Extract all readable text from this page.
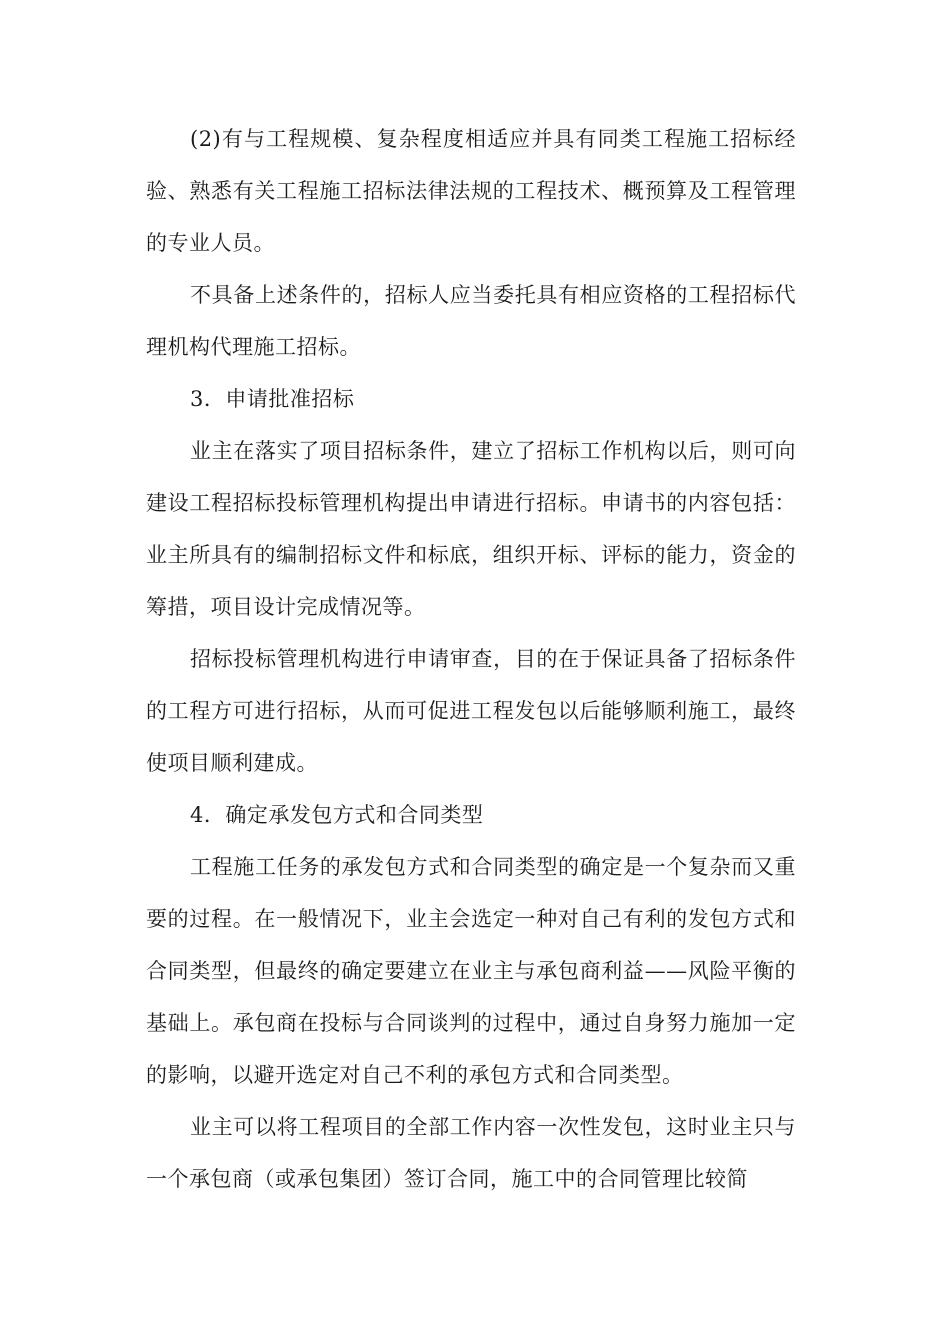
(2)有与工程规模、复杂程度相适应并具有同类工程施工招标经验、熟悉有关工程施工招标法律法规的工程技术、概预算及工程管理的专业人员。

不具备上述条件的，招标人应当委托具有相应资格的工程招标代理机构代理施工招标。

3．申请批准招标

业主在落实了项目招标条件，建立了招标工作机构以后，则可向建设工程招标投标管理机构提出申请进行招标。申请书的内容包括：业主所具有的编制招标文件和标底，组织开标、评标的能力，资金的筹措，项目设计完成情况等。

招标投标管理机构进行申请审查，目的在于保证具备了招标条件的工程方可进行招标，从而可促进工程发包以后能够顺利施工，最终使项目顺利建成。

4．确定承发包方式和合同类型

工程施工任务的承发包方式和合同类型的确定是一个复杂而又重要的过程。在一般情况下，业主会选定一种对自己有利的发包方式和合同类型，但最终的确定要建立在业主与承包商利益——风险平衡的基础上。承包商在投标与合同谈判的过程中，通过自身努力施加一定的影响，以避开选定对自己不利的承包方式和合同类型。

业主可以将工程项目的全部工作内容一次性发包，这时业主只与一个承包商（或承包集团）签订合同，施工中的合同管理比较简
